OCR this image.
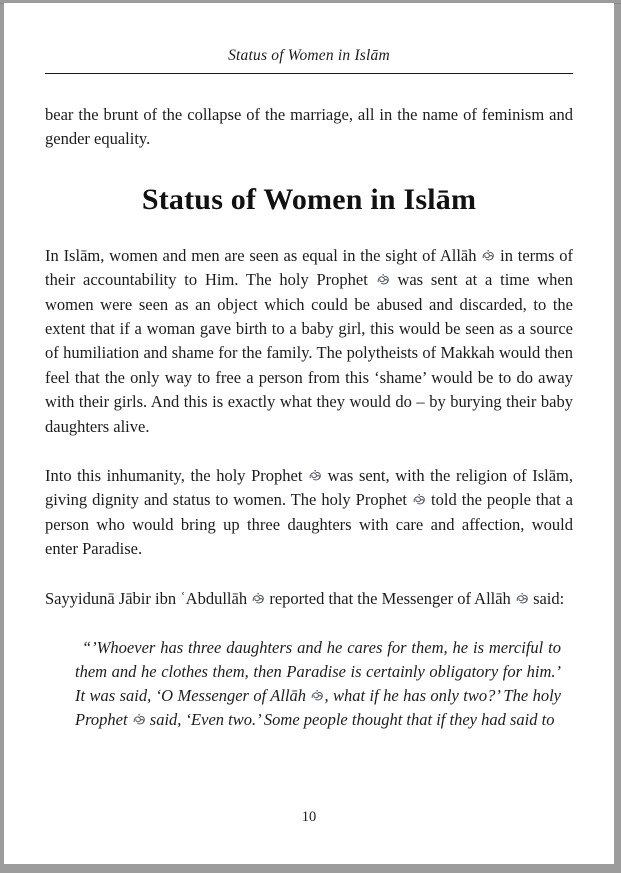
Status of Women in Islām

bear the brunt of the collapse of the marriage, all in the name of feminism and gender equality.

Status of Women in Islām

In Islām, women and men are seen as equal in the sight of Allāh
in terms of their accountability to Him. The holy Prophet
was sent at a time when women were seen as an object which could be abused and discarded, to the extent that if a woman gave birth to a baby girl, this would be seen as a source of humiliation and shame for the family. The polytheists of Makkah would then feel that the only way to free a person from this ‘shame’ would be to do away with their girls. And this is exactly what they would do – by burying their baby daughters alive.

Into this inhumanity, the holy Prophet
was sent, with the religion of Islām, giving dignity and status to women. The holy Prophet
told the people that a person who would bring up three daughters with care and affection, would enter Paradise.

Sayyidunā Jābir ibn ʿAbdullāh
reported that the Messenger of Allāh
said:

“’Whoever has three daughters and he cares for them, he is merciful to them and he clothes them, then Paradise is certainly obligatory for him.’ It was said, ‘O Messenger of Allāh
, what if he has only two?’ The holy Prophet
said, ‘Even two.’ Some people thought that if they had said to

10
